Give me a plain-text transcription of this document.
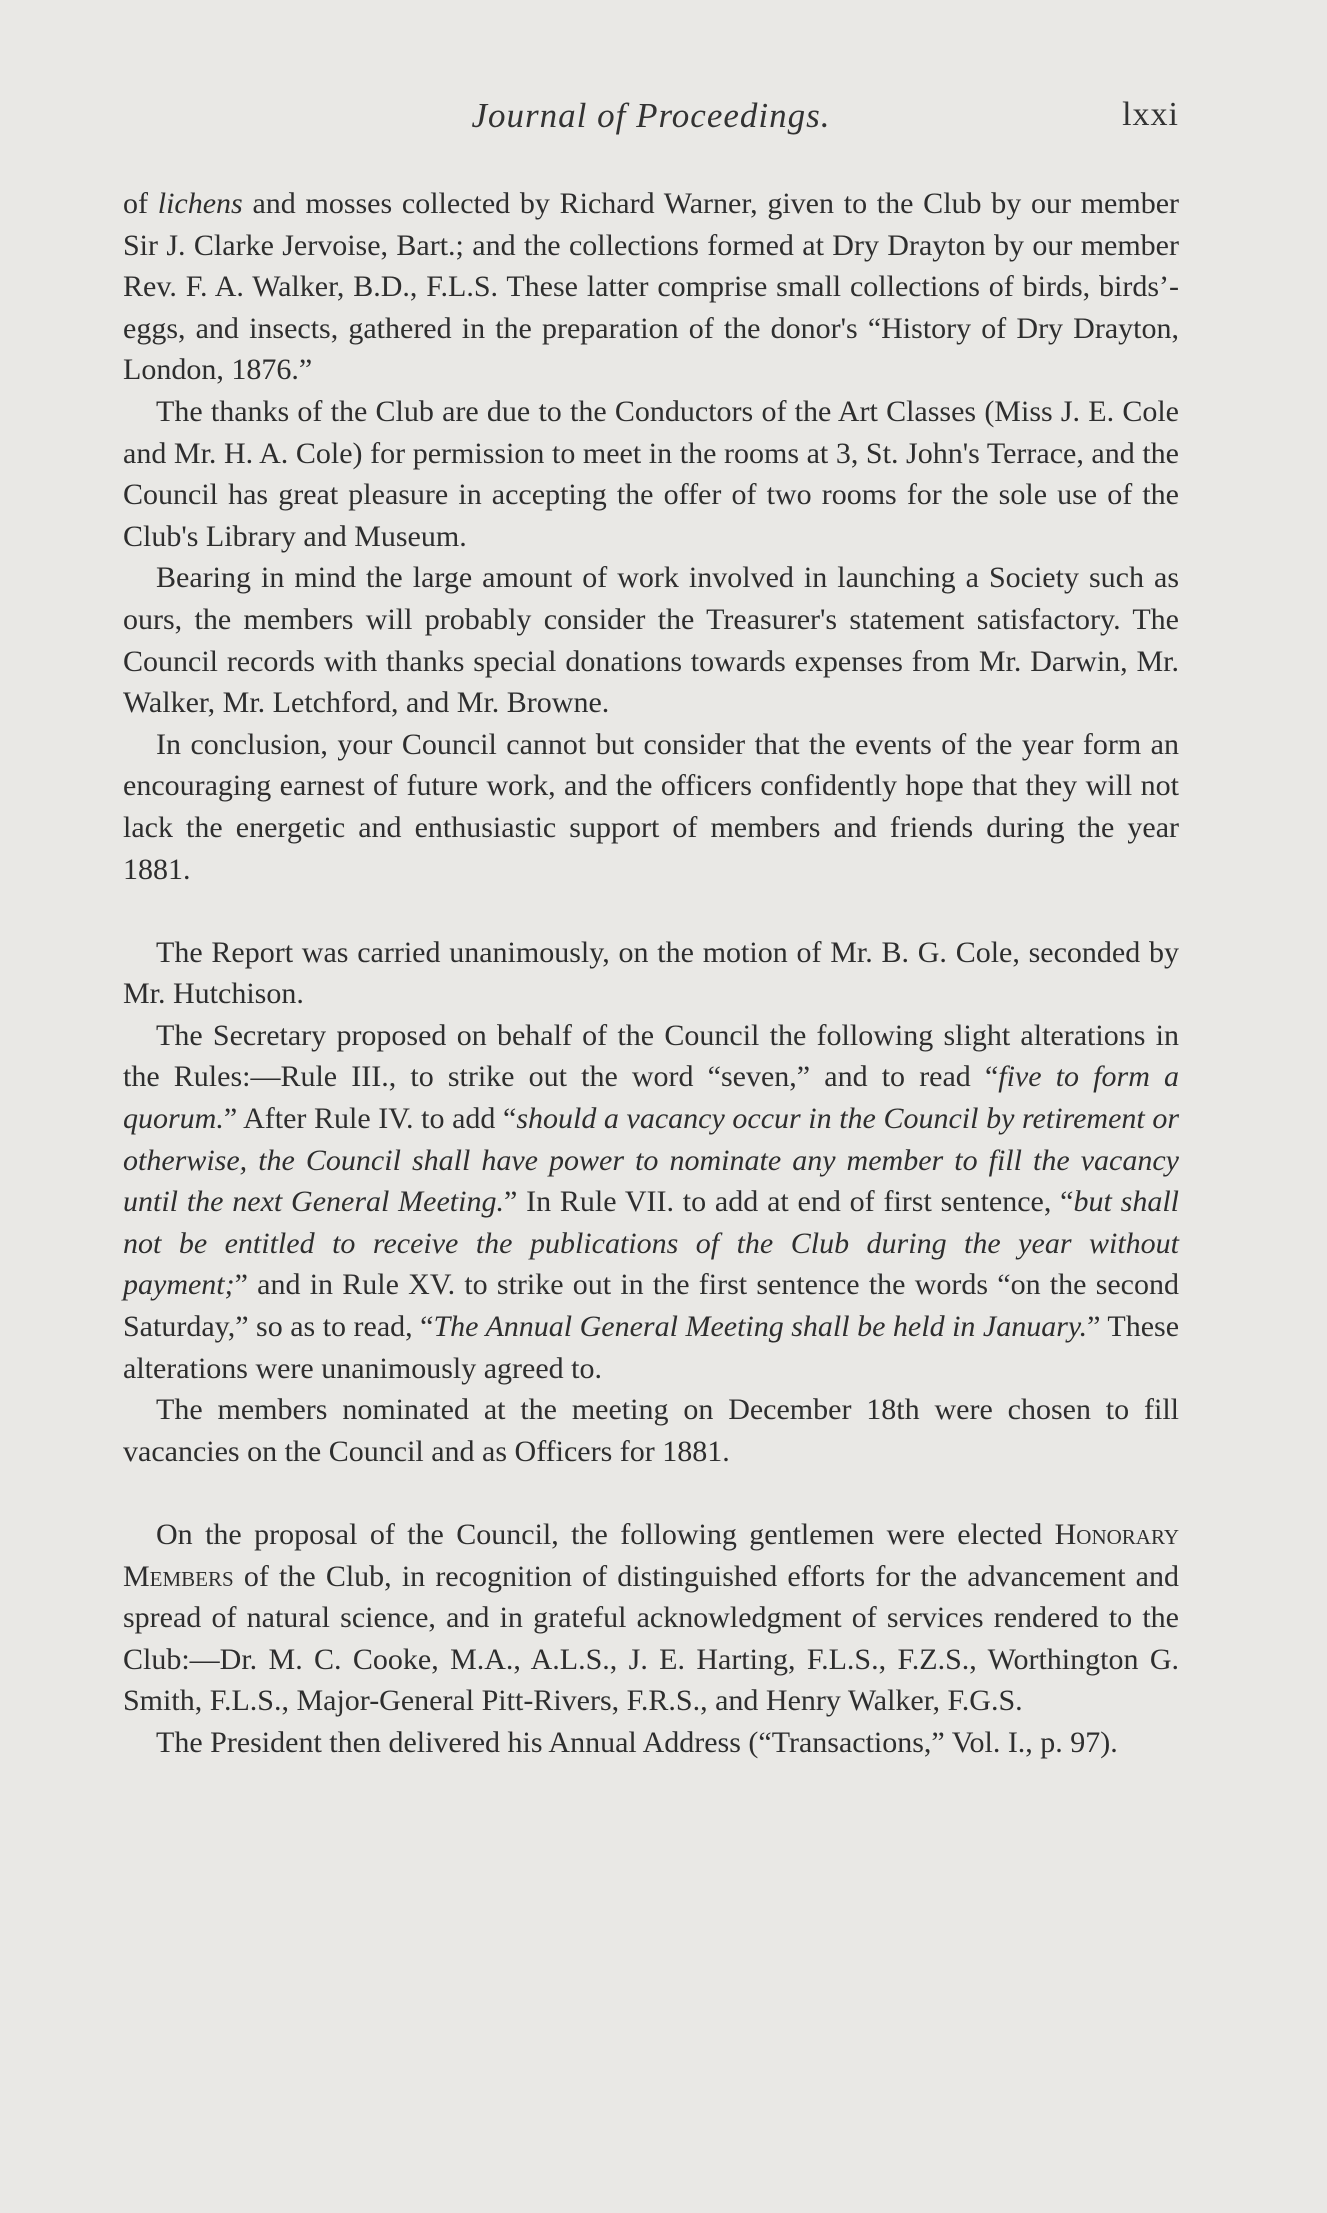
Journal of Proceedings.	lxxi

of lichens and mosses collected by Richard Warner, given to the Club by our member Sir J. Clarke Jervoise, Bart.; and the collections formed at Dry Drayton by our member Rev. F. A. Walker, B.D., F.L.S. These latter comprise small collections of birds, birds’-eggs, and insects, gathered in the preparation of the donor's “History of Dry Drayton, London, 1876.”

The thanks of the Club are due to the Conductors of the Art Classes (Miss J. E. Cole and Mr. H. A. Cole) for permission to meet in the rooms at 3, St. John's Terrace, and the Council has great pleasure in accepting the offer of two rooms for the sole use of the Club's Library and Museum.

Bearing in mind the large amount of work involved in launching a Society such as ours, the members will probably consider the Treasurer's statement satisfactory. The Council records with thanks special donations towards expenses from Mr. Darwin, Mr. Walker, Mr. Letchford, and Mr. Browne.

In conclusion, your Council cannot but consider that the events of the year form an encouraging earnest of future work, and the officers confidently hope that they will not lack the energetic and enthusiastic support of members and friends during the year 1881.

The Report was carried unanimously, on the motion of Mr. B. G. Cole, seconded by Mr. Hutchison.

The Secretary proposed on behalf of the Council the following slight alterations in the Rules:—Rule III., to strike out the word “seven,” and to read “five to form a quorum.” After Rule IV. to add “should a vacancy occur in the Council by retirement or otherwise, the Council shall have power to nominate any member to fill the vacancy until the next General Meeting.” In Rule VII. to add at end of first sentence, “but shall not be entitled to receive the publications of the Club during the year without payment;” and in Rule XV. to strike out in the first sentence the words “on the second Saturday,” so as to read, “The Annual General Meeting shall be held in January.” These alterations were unanimously agreed to.

The members nominated at the meeting on December 18th were chosen to fill vacancies on the Council and as Officers for 1881.

On the proposal of the Council, the following gentlemen were elected Honorary Members of the Club, in recognition of distinguished efforts for the advancement and spread of natural science, and in grateful acknowledgment of services rendered to the Club:—Dr. M. C. Cooke, M.A., A.L.S., J. E. Harting, F.L.S., F.Z.S., Worthington G. Smith, F.L.S., Major-General Pitt-Rivers, F.R.S., and Henry Walker, F.G.S.

The President then delivered his Annual Address (“Transactions,” Vol. I., p. 97).
